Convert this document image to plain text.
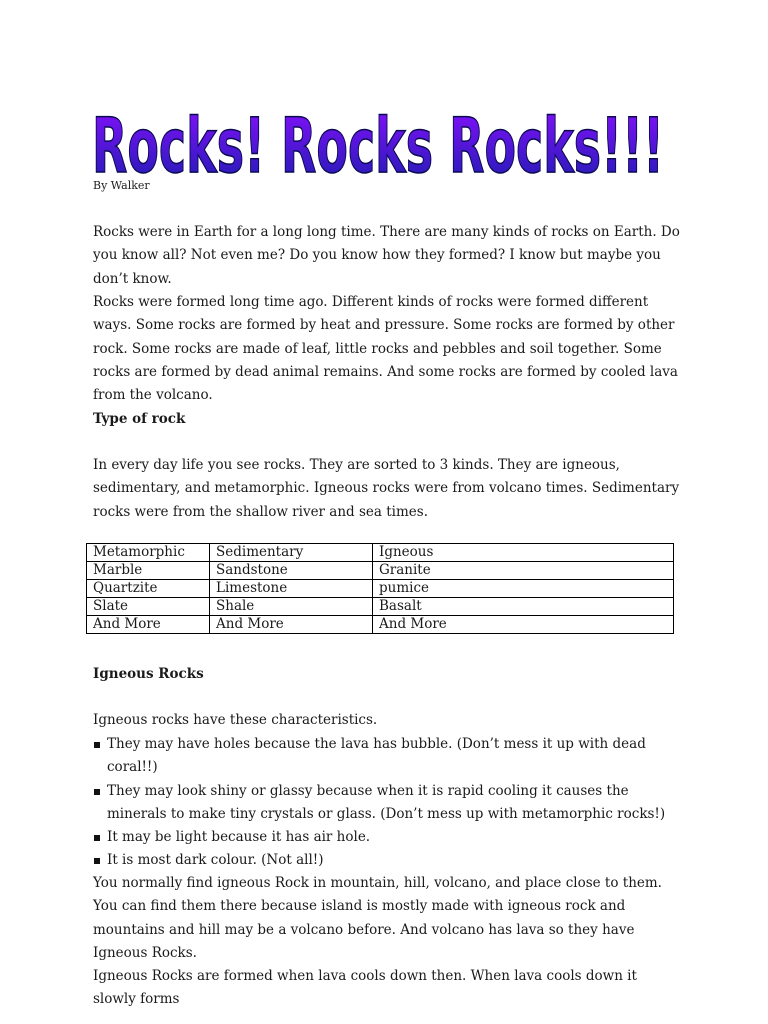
Rocks! Rocks Rocks!!!
By Walker
Rocks were in Earth for a long long time. There are many kinds of rocks on Earth. Do you know all? Not even me? Do you know how they formed? I know but maybe you don’t know.
Rocks were formed long time ago. Different kinds of rocks were formed different ways. Some rocks are formed by heat and pressure. Some rocks are formed by other rock. Some rocks are made of leaf, little rocks and pebbles and soil together. Some rocks are formed by dead animal remains. And some rocks are formed by cooled lava from the volcano.
Type of rock
In every day life you see rocks. They are sorted to 3 kinds. They are igneous, sedimentary, and metamorphic. Igneous rocks were from volcano times. Sedimentary rocks were from the shallow river and sea times.
Metamorphic	Sedimentary	Igneous
Marble	Sandstone	Granite
Quartzite	Limestone	pumice
Slate	Shale	Basalt
And More	And More	And More
Igneous Rocks
Igneous rocks have these characteristics.
They may have holes because the lava has bubble. (Don’t mess it up with dead coral!!)
They may look shiny or glassy because when it is rapid cooling it causes the minerals to make tiny crystals or glass. (Don’t mess up with metamorphic rocks!)
It may be light because it has air hole.
It is most dark colour. (Not all!)
You normally find igneous Rock in mountain, hill, volcano, and place close to them. You can find them there because island is mostly made with igneous rock and mountains and hill may be a volcano before. And volcano has lava so they have Igneous Rocks.
Igneous Rocks are formed when lava cools down then. When lava cools down it slowly forms
